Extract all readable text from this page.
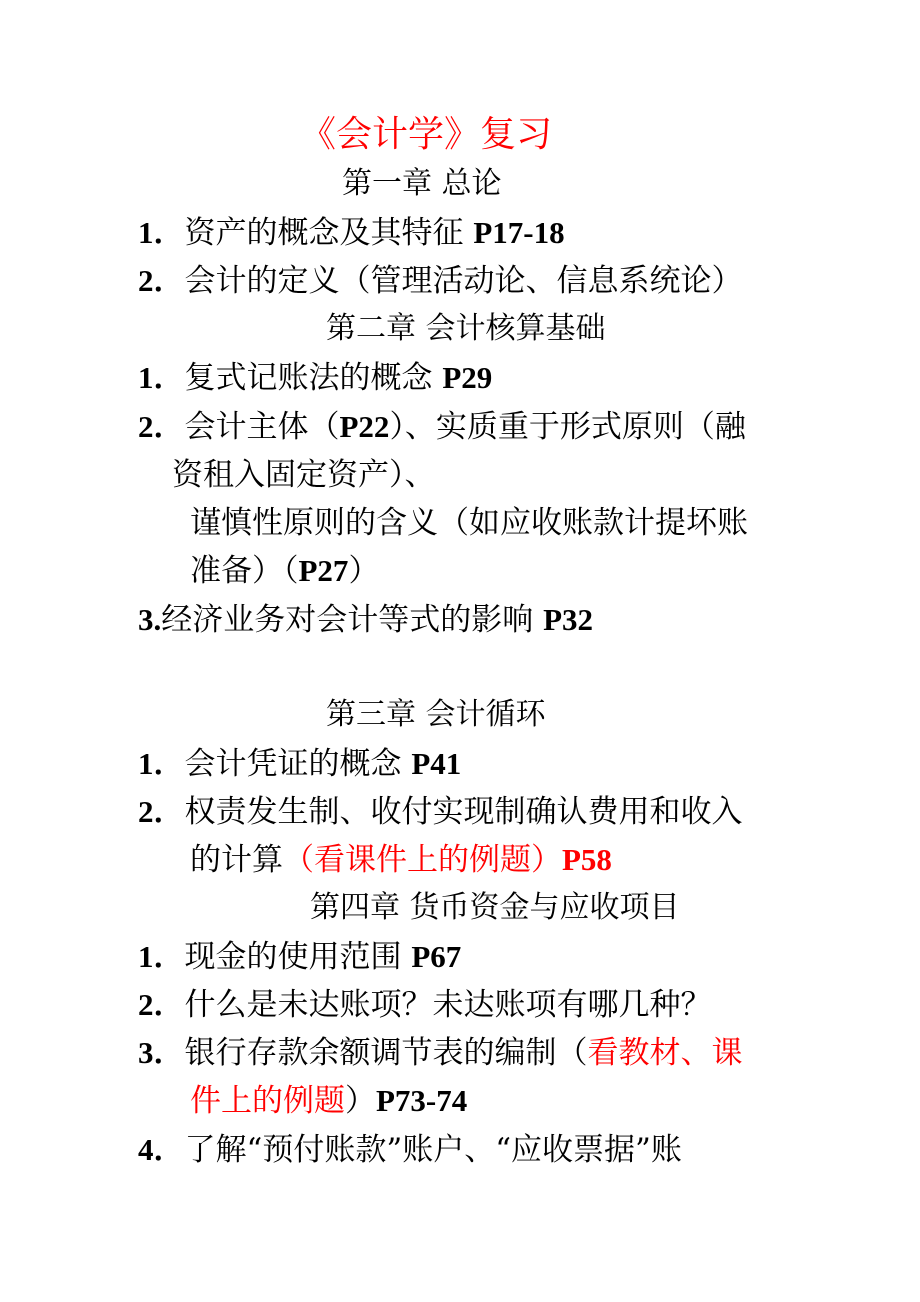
《会计学》复习
第一章 总论
1．资产的概念及其特征 P17-18
2．会计的定义（管理活动论、信息系统论）
第二章 会计核算基础
1．复式记账法的概念 P29
2．会计主体（P22）、实质重于形式原则（融
资租入固定资产）、
谨慎性原则的含义（如应收账款计提坏账
准备）（P27）
3.经济业务对会计等式的影响 P32
第三章 会计循环
1．会计凭证的概念 P41
2．权责发生制、收付实现制确认费用和收入
的计算（看课件上的例题）P58
第四章 货币资金与应收项目
1．现金的使用范围 P67
2．什么是未达账项？未达账项有哪几种？
3．银行存款余额调节表的编制（看教材、课
件上的例题）P73-74
4．了解“预付账款”账户、“应收票据”账
